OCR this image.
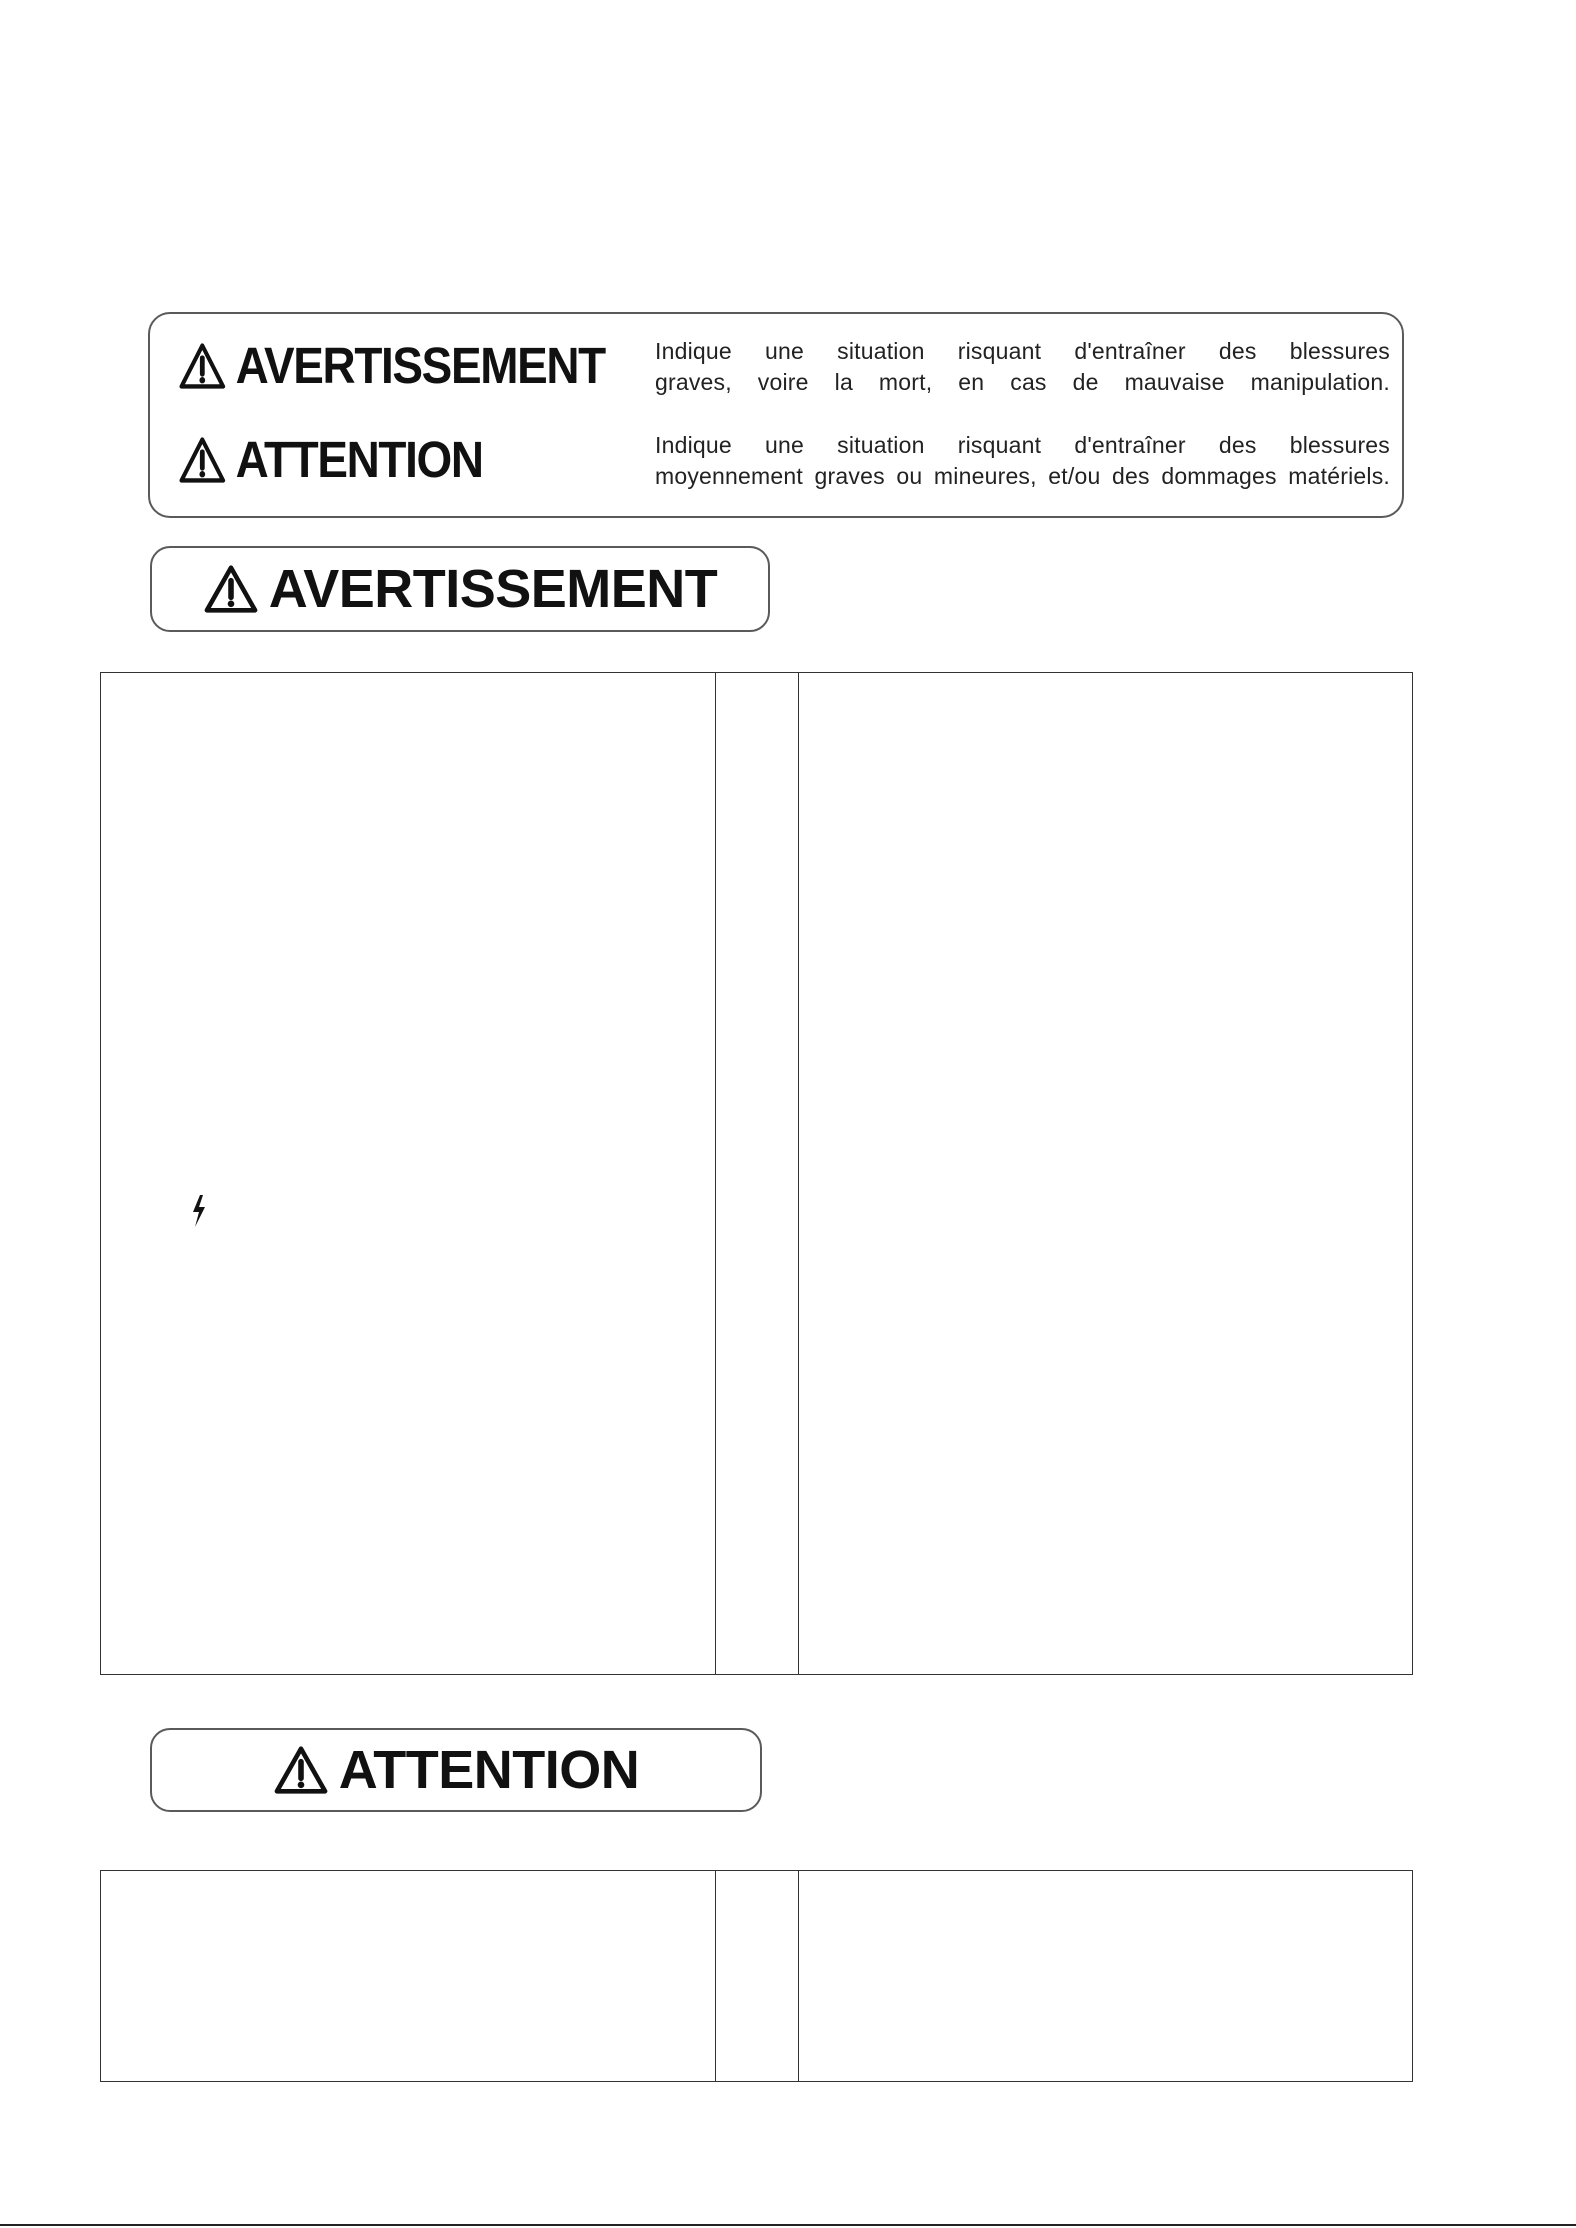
AVERTISSEMENT Indique une situation risquant d'entraîner des blessures
graves, voire la mort, en cas de mauvaise manipulation.
ATTENTION	Indique une situation risquant d'entraîner des blessures
moyennement graves ou mineures, et/ou des dommages matériels.
AVERTISSEMENT
ATTENTION
